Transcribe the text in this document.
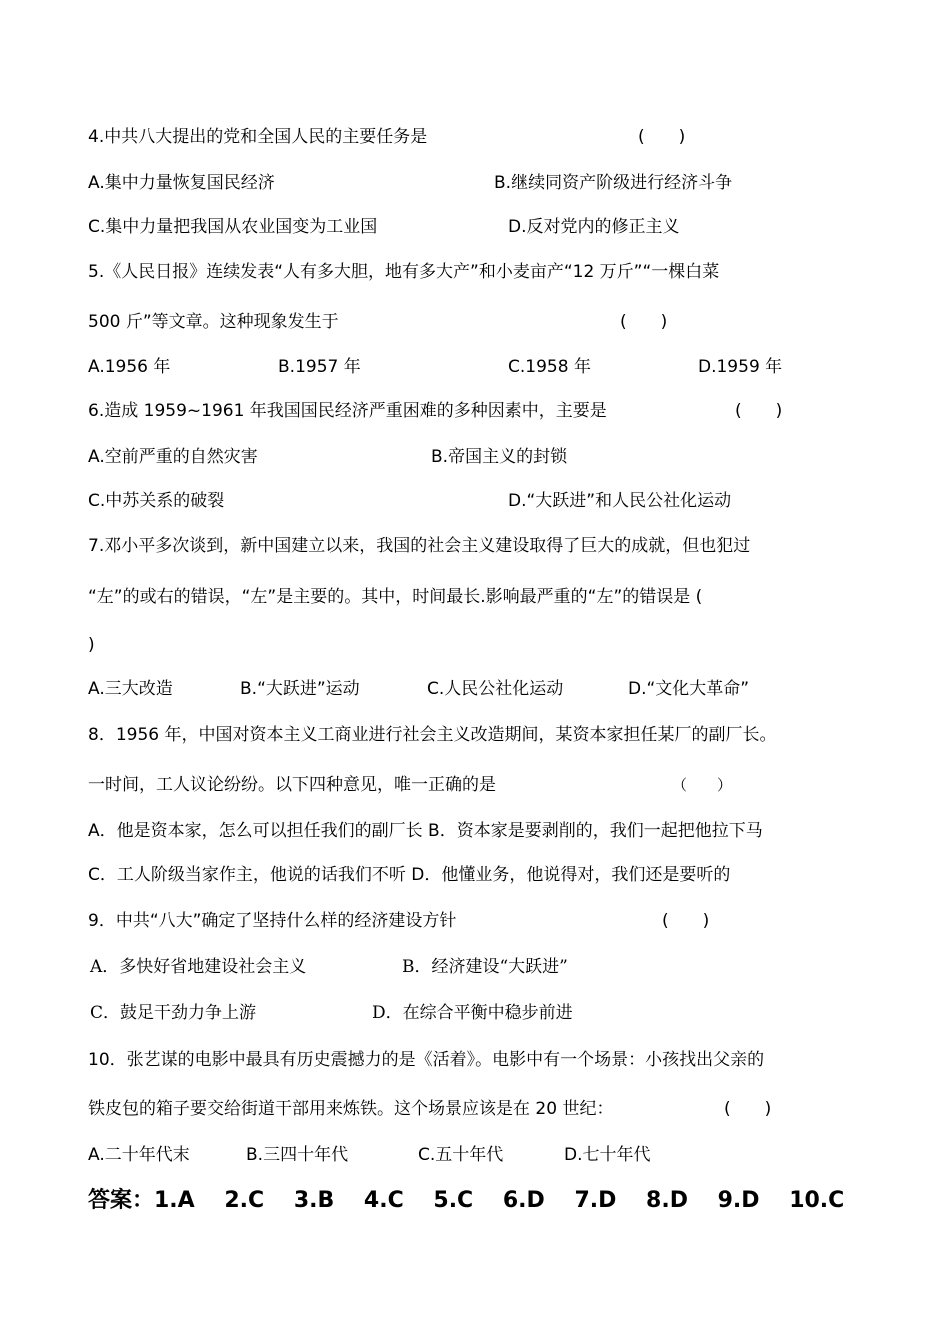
4.中共八大提出的党和全国人民的主要任务是	(　　)
A.集中力量恢复国民经济	B.继续同资产阶级进行经济斗争
C.集中力量把我国从农业国变为工业国	D.反对党内的修正主义
5.《人民日报》连续发表“人有多大胆，地有多大产”和小麦亩产“12 万斤”“一棵白菜
500 斤”等文章。这种现象发生于	(　　)
A.1956 年	B.1957 年	C.1958 年	D.1959 年
6.造成 1959~1961 年我国国民经济严重困难的多种因素中，主要是	(　　)
A.空前严重的自然灾害	B.帝国主义的封锁
C.中苏关系的破裂	D.“大跃进”和人民公社化运动
7.邓小平多次谈到，新中国建立以来，我国的社会主义建设取得了巨大的成就，但也犯过
“左”的或右的错误，“左”是主要的。其中，时间最长.影响最严重的“左”的错误是 (
)
A.三大改造	B.“大跃进”运动	C.人民公社化运动	D.“文化大革命”
8．1956 年，中国对资本主义工商业进行社会主义改造期间，某资本家担任某厂的副厂长。
一时间，工人议论纷纷。以下四种意见，唯一正确的是	（　　）
A．他是资本家，怎么可以担任我们的副厂长 B．资本家是要剥削的，我们一起把他拉下马
C．工人阶级当家作主，他说的话我们不听 D．他懂业务，他说得对，我们还是要听的
9．中共“八大”确定了坚持什么样的经济建设方针	(　　)
A．多快好省地建设社会主义	B．经济建设“大跃进”
C．鼓足干劲力争上游	D．在综合平衡中稳步前进
10．张艺谋的电影中最具有历史震撼力的是《活着》。电影中有一个场景：小孩找出父亲的
铁皮包的箱子要交给街道干部用来炼铁。这个场景应该是在 20 世纪：	(　　)
A.二十年代末	B.三四十年代	C.五十年代	D.七十年代
答案：1.A  2.C  3.B  4.C  5.C  6.D  7.D  8.D  9.D  10.C
